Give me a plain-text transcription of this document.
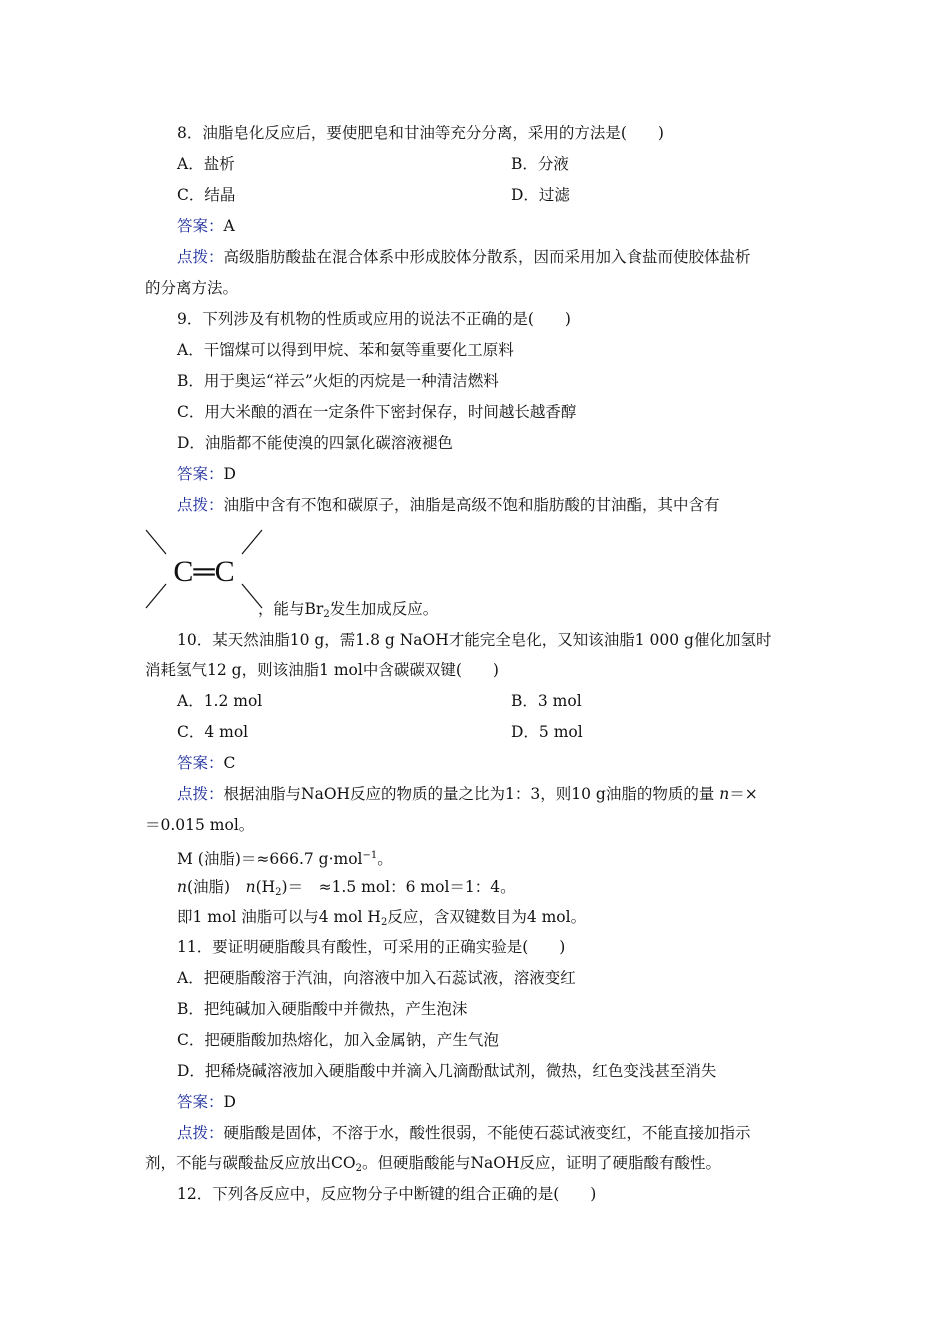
8．油脂皂化反应后，要使肥皂和甘油等充分分离，采用的方法是(　　)
A．盐析	B．分液
C．结晶	D．过滤
答案：A
点拨：高级脂肪酸盐在混合体系中形成胶体分散系，因而采用加入食盐而使胶体盐析
的分离方法。
9．下列涉及有机物的性质或应用的说法不正确的是(　　)
A．干馏煤可以得到甲烷、苯和氨等重要化工原料
B．用于奥运“祥云”火炬的丙烷是一种清洁燃料
C．用大米酿的酒在一定条件下密封保存，时间越长越香醇
D．油脂都不能使溴的四氯化碳溶液褪色
答案：D
点拨：油脂中含有不饱和碳原子，油脂是高级不饱和脂肪酸的甘油酯，其中含有
C═C
，能与$Br_2$发生加成反应。
10．某天然油脂10 g，需1.8 g NaOH才能完全皂化，又知该油脂1 000 g催化加氢时
消耗氢气12 g，则该油脂1 mol中含碳碳双键(　　)
A．1.2 mol	B．3 mol
C．4 mol	D．5 mol
答案：C
点拨：根据油脂与NaOH反应的物质的量之比为1：3，则10 g油脂的物质的量 n＝×
＝0.015 mol。
M (油脂)＝≈666.7 g·mol$^{-1}$。
n(油脂)　$n(H_2)=$　≈1.5 mol：6 mol＝1：4。
即1 mol 油脂可以与4 mol $H_2$反应，含双键数目为4 mol。
11．要证明硬脂酸具有酸性，可采用的正确实验是(　　)
A．把硬脂酸溶于汽油，向溶液中加入石蕊试液，溶液变红
B．把纯碱加入硬脂酸中并微热，产生泡沫
C．把硬脂酸加热熔化，加入金属钠，产生气泡
D．把稀烧碱溶液加入硬脂酸中并滴入几滴酚酞试剂，微热，红色变浅甚至消失
答案：D
点拨：硬脂酸是固体，不溶于水，酸性很弱，不能使石蕊试液变红，不能直接加指示
剂，不能与碳酸盐反应放出$CO_2$。但硬脂酸能与NaOH反应，证明了硬脂酸有酸性。
12．下列各反应中，反应物分子中断键的组合正确的是(　　)
